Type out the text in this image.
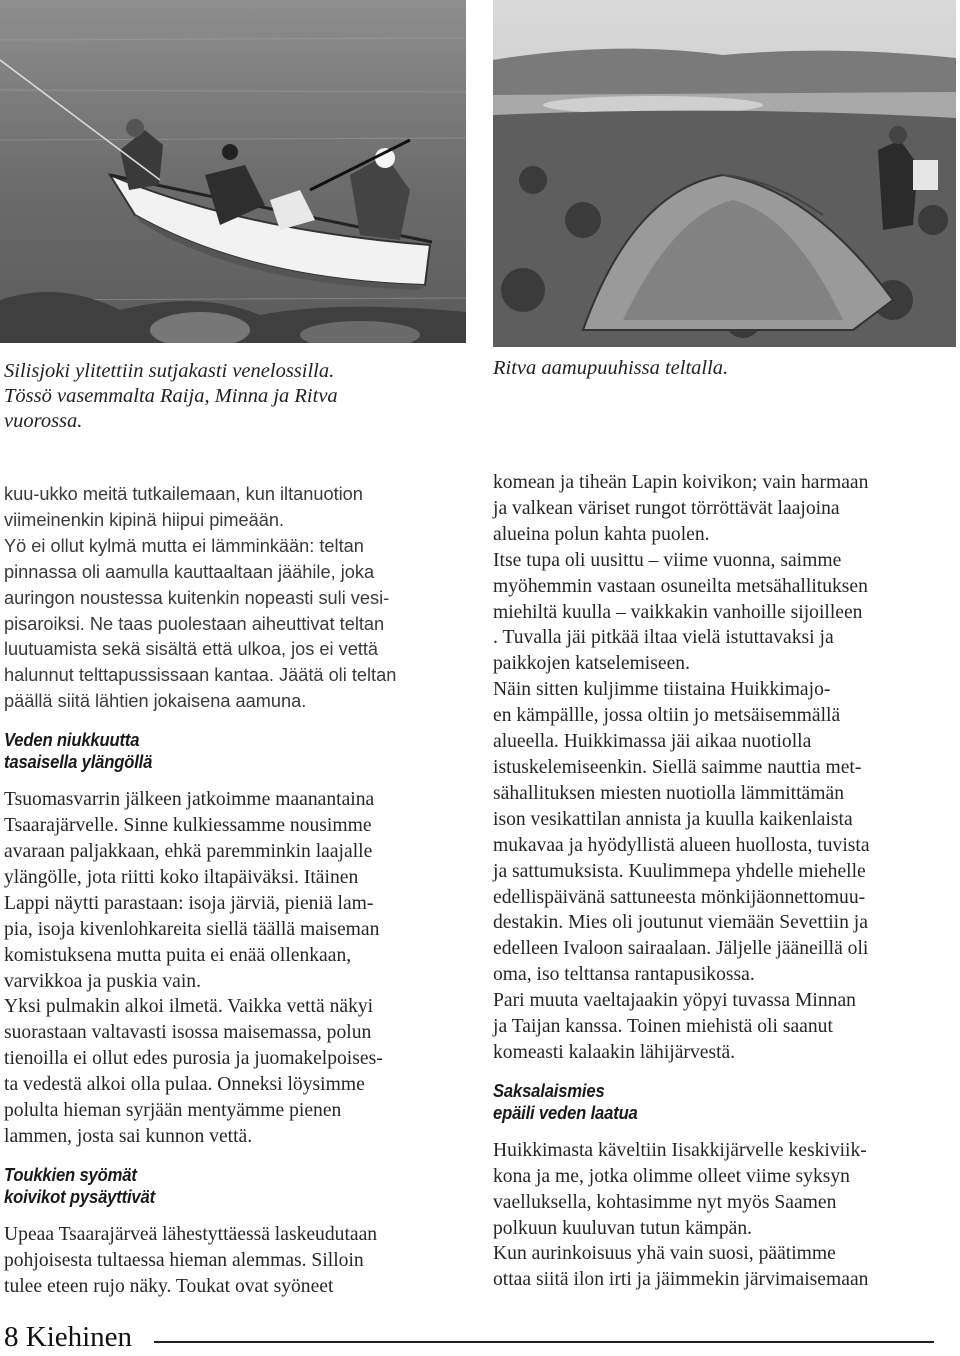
Silisjoki ylitettiin sutjakasti venelossilla.
Tössö vasemmalta Raija, Minna ja Ritva
vuorossa.

Ritva aamupuuhissa teltalla.

kuu-ukko meitä tutkailemaan, kun iltanuotion
viimeinenkin kipinä hiipui pimeään.
Yö ei ollut kylmä mutta ei lämminkään: teltan
pinnassa oli aamulla kauttaaltaan jäähile, joka
auringon noustessa kuitenkin nopeasti suli vesi-
pisaroiksi. Ne taas puolestaan aiheuttivat teltan
luutuamista sekä sisältä että ulkoa, jos ei vettä
halunnut telttapussissaan kantaa. Jäätä oli teltan
päällä siitä lähtien jokaisena aamuna.

Veden niukkuutta
tasaisella ylängöllä

Tsuomasvarrin jälkeen jatkoimme maanantaina
Tsaarajärvelle. Sinne kulkiessamme nousimme
avaraan paljakkaan, ehkä paremminkin laajalle
ylängölle, jota riitti koko iltapäiväksi. Itäinen
Lappi näytti parastaan: isoja järviä, pieniä lam-
pia, isoja kivenlohkareita siellä täällä maiseman
komistuksena mutta puita ei enää ollenkaan,
varvikkoa ja puskia vain.
Yksi pulmakin alkoi ilmetä. Vaikka vettä näkyi
suorastaan valtavasti isossa maisemassa, polun
tienoilla ei ollut edes purosia ja juomakelpoises-
ta vedestä alkoi olla pulaa. Onneksi löysimme
polulta hieman syrjään mentyämme pienen
lammen, josta sai kunnon vettä.

Toukkien syömät
koivikot pysäyttivät

Upeaa Tsaarajärveä lähestyttäessä laskeudutaan
pohjoisesta tultaessa hieman alemmas. Silloin
tulee eteen rujo näky. Toukat ovat syöneet

komean ja tiheän Lapin koivikon; vain harmaan
ja valkean väriset rungot törröttävät laajoina
alueina polun kahta puolen.
Itse tupa oli uusittu – viime vuonna, saimme
myöhemmin vastaan osuneilta metsähallituksen
miehiltä kuulla – vaikkakin vanhoille sijoilleen
. Tuvalla jäi pitkää iltaa vielä istuttavaksi ja
paikkojen katselemiseen.
Näin sitten kuljimme tiistaina Huikkimajo-
en kämpällle, jossa oltiin jo metsäisemmällä
alueella. Huikkimassa jäi aikaa nuotiolla
istuskelemiseenkin. Siellä saimme nauttia met-
sähallituksen miesten nuotiolla lämmittämän
ison vesikattilan annista ja kuulla kaikenlaista
mukavaa ja hyödyllistä alueen huollosta, tuvista
ja sattumuksista. Kuulimmepa yhdelle miehelle
edellispäivänä sattuneesta mönkijäonnettomuu-
destakin. Mies oli joutunut viemään Sevettiin ja
edelleen Ivaloon sairaalaan. Jäljelle jääneillä oli
oma, iso telttansa rantapusikossa.
Pari muuta vaeltajaakin yöpyi tuvassa Minnan
ja Taijan kanssa. Toinen miehistä oli saanut
komeasti kalaakin lähijärvestä.

Saksalaismies
epäili veden laatua

Huikkimasta käveltiin Iisakkijärvelle keskiviik-
kona ja me, jotka olimme olleet viime syksyn
vaelluksella, kohtasimme nyt myös Saamen
polkuun kuuluvan tutun kämpän.
Kun aurinkoisuus yhä vain suosi, päätimme
ottaa siitä ilon irti ja jäimmekin järvimaisemaan

8 Kiehinen
